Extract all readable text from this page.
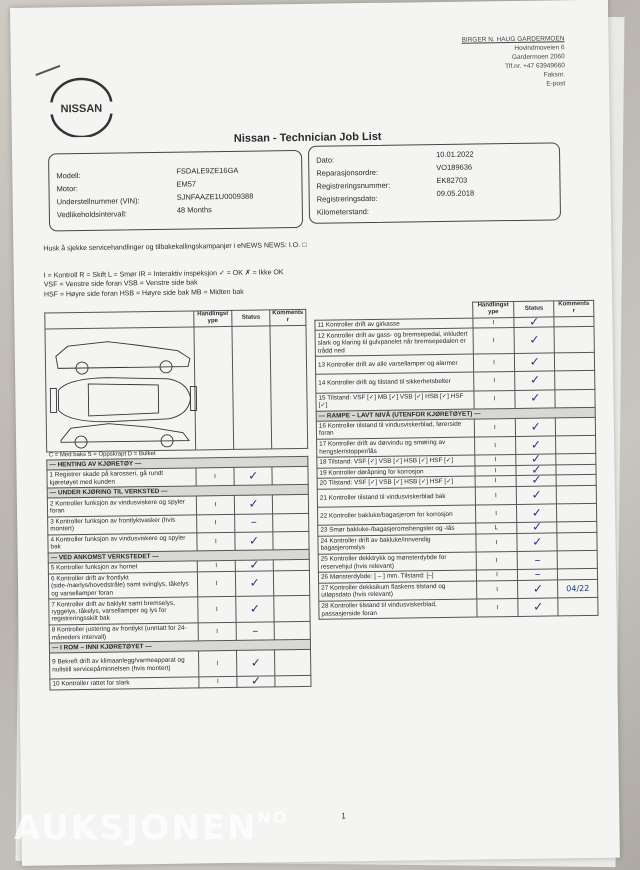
NISSAN
BIRGER N. HAUG GARDERMOEN
Hovindmoveien 6
Gardermoen 2060
Tlf.nr. +47 63949660
Faksnr.
E-post
Nissan - Technician Job List
Husk å sjekke servicehandlinger og tilbakekallingskampanjer i eNEWS NEWS: I.O. □
I = Kontroll R = Skift L = Smør IR = Interaktiv inspeksjon ✓ = OK ✗ = Ikke OK
VSF = Venstre side foran VSB = Venstre side bak
HSF = Høyre side foran HSB = Høyre side bak MB = Midten bak
	Handlingst ype	Status	Komments r

C = Med baks S = Oppskrapt D = Bulket			
— HENTING AV KJØRETØY —			
1 Registrer skade på karosseri, gå rundt kjøretøyet med kunden	I	✓	
— UNDER KJØRING TIL VERKSTED —			
2 Kontroller funksjon av vindusviskere og spyler foran	I	✓	
3 Kontroller funksjon av frontlyktvasker (hvis montert)	I	–	
4 Kontroller funksjon av vindusviskere og spyler bak	I	✓	
— VED ANKOMST VERKSTEDET —			
5 Kontroller funksjon av hornet	I	✓	
6 Kontroller drift av frontlykt (side-/nærlys/hovedstråle) samt svinglys, tåkelys og varsellamper foran	I	✓	
7 Kontroller drift av baklykt samt bremselys, ryggelys, tåkelys, varsellamper og lys for registreringsskilt bak	I	✓	
8 Kontroller justering av frontlykt (unntatt for 24-måneders intervall)	I	–	
— I ROM – INNI KJØRETØYET —			
9 Bekreft drift av klimaanlegg/varmeapparat og nullstill servicepåminnelsen (hvis montert)	I	✓	
10 Kontroller rattet for slark	I	✓	
	Handlingst ype	Status	Komments r
11 Kontroller drift av girkasse	I	✓	
12 Kontroller drift av gass- og bremsepedal, inkludert slark og klaring til gulvpanelet når bremsepedalen er trådd ned	I	✓	
13 Kontroller drift av alle varsellamper og alarmer	I	✓	
14 Kontroller drift og tilstand til sikkerhetsbelter	I	✓	
15 Tilstand: VSF [✓] MB [✓] VSB [✓] HSB [✓] HSF [✓]	I	✓	
— RAMPE – LAVT NIVÅ (UTENFOR KJØRETØYET) —			
16 Kontroller tilstand til vindusviskerblad, førerside foran	I	✓	
17 Kontroller drift av dørvindu og smøring av hengsler/stopper/lås	I	✓	
18 Tilstand: VSF [✓] VSB [✓] HSB [✓] HSF [✓]	I	✓	
19 Kontroller døråpning for korrosjon	I	✓	
20 Tilstand: VSF [✓] VSB [✓] HSB [✓] HSF [✓]	I	✓	
21 Kontroller tilstand til vindusviskerblad bak	I	✓	
22 Kontroller bakluke/bagasjerom for korrosjon	I	✓	
23 Smør bakluke-/bagasjeromshengsler og -lås	L	✓	
24 Kontroller drift av bakluke/innvendig bagasjeromslys	I	✓	
25 Kontroller dekktrykk og mønsterdybde for reservehjul (hvis relevant)	I	–	
26 Mønsterdybde: [ – ] mm. Tilstand: [–]	I	–	
27 Kontroller dekksikum flaskens tilstand og utløpsdato (hvis relevant)	I	✓	04/22
28 Kontroller tilstand til vindusviskerblad, passasjerside foran	I	✓	
1
Modell:
FSDALE9ZE16GA
Motor:
EM57
Understellnummer (VIN):	SJNFAAZE1U0009388
Vedlikeholdsintervall:	48 Months
Dato:
10.01.2022
Reparasjonsordre:
VO189636
Registreringsnummer:
EK82703
Registreringsdato:
09.05.2018
Kilometerstand:
$AUKSJONEN^{NO}$
